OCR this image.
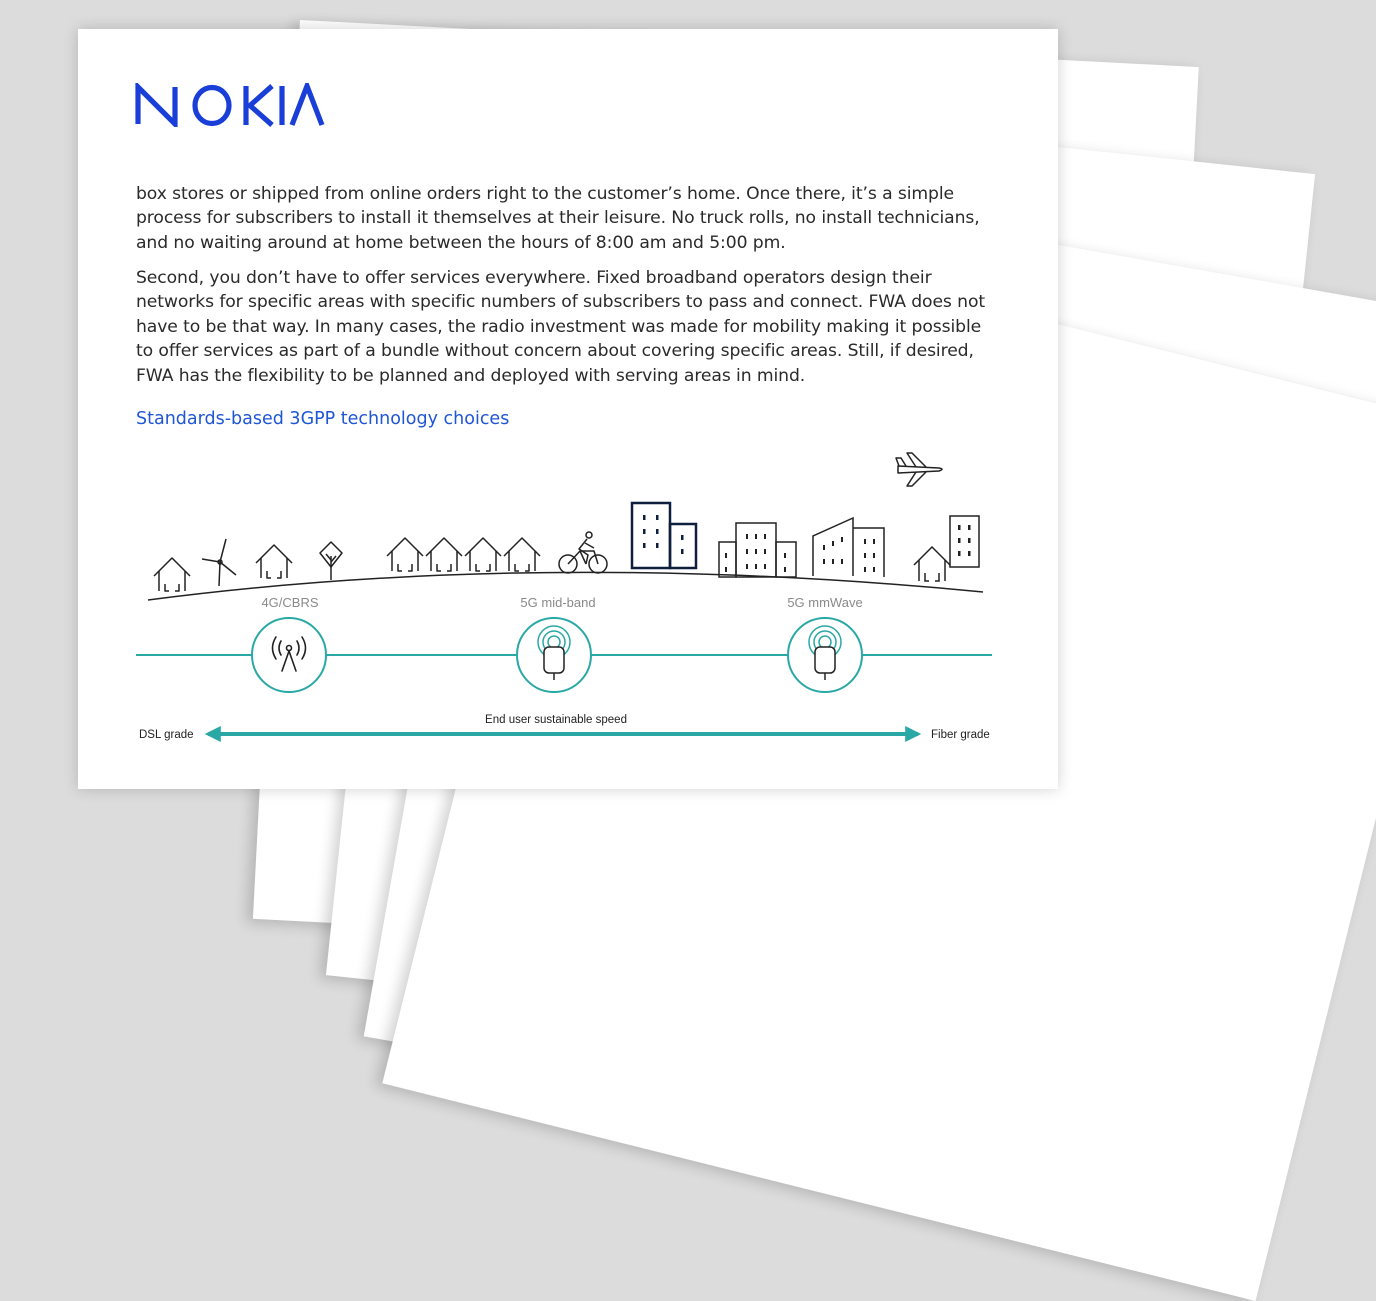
box stores or shipped from online orders right to the customer’s home. Once there, it’s a simple process for subscribers to install it themselves at their leisure. No truck rolls, no install technicians, and no waiting around at home between the hours of 8:00 am and 5:00 pm.

Second, you don’t have to offer services everywhere. Fixed broadband operators design their networks for specific areas with specific numbers of subscribers to pass and connect. FWA does not have to be that way. In many cases, the radio investment was made for mobility making it possible to offer services as part of a bundle without concern about covering specific areas. Still, if desired, FWA has the flexibility to be planned and deployed with serving areas in mind.

Standards-based 3GPP technology choices
4G/CBRS	5G mid-band	5G mmWave
End user sustainable speed
DSL grade	Fiber grade
